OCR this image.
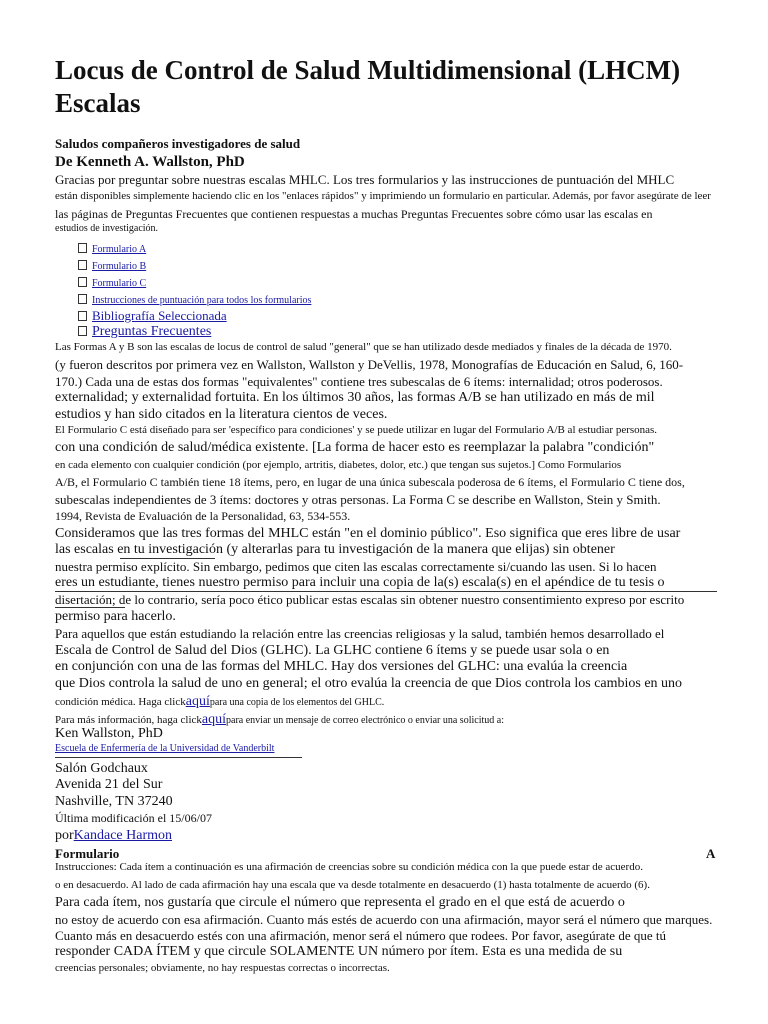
Locus de Control de Salud Multidimensional (LHCM)
Escalas
Saludos compañeros investigadores de salud
De Kenneth A. Wallston, PhD
Gracias por preguntar sobre nuestras escalas MHLC. Los tres formularios y las instrucciones de puntuación del MHLC
están disponibles simplemente haciendo clic en los "enlaces rápidos" y imprimiendo un formulario en particular. Además, por favor asegúrate de leer
las páginas de Preguntas Frecuentes que contienen respuestas a muchas Preguntas Frecuentes sobre cómo usar las escalas en
estudios de investigación.
Formulario A
Formulario B
Formulario C
Instrucciones de puntuación para todos los formularios
Bibliografía Seleccionada
Preguntas Frecuentes
Las Formas A y B son las escalas de locus de control de salud "general" que se han utilizado desde mediados y finales de la década de 1970.
(y fueron descritos por primera vez en Wallston, Wallston y DeVellis, 1978, Monografías de Educación en Salud, 6, 160-
170.) Cada una de estas dos formas "equivalentes" contiene tres subescalas de 6 ítems: internalidad; otros poderosos.
externalidad; y externalidad fortuita. En los últimos 30 años, las formas A/B se han utilizado en más de mil
estudios y han sido citados en la literatura cientos de veces.
El Formulario C está diseñado para ser 'específico para condiciones' y se puede utilizar en lugar del Formulario A/B al estudiar personas.
con una condición de salud/médica existente. [La forma de hacer esto es reemplazar la palabra "condición"
en cada elemento con cualquier condición (por ejemplo, artritis, diabetes, dolor, etc.) que tengan sus sujetos.] Como Formularios
A/B, el Formulario C también tiene 18 ítems, pero, en lugar de una única subescala poderosa de 6 ítems, el Formulario C tiene dos,
subescalas independientes de 3 ítems: doctores y otras personas. La Forma C se describe en Wallston, Stein y Smith.
1994, Revista de Evaluación de la Personalidad, 63, 534-553.
Consideramos que las tres formas del MHLC están "en el dominio público". Eso significa que eres libre de usar
las escalas en tu investigación (y alterarlas para tu investigación de la manera que elijas) sin obtener
nuestra permiso explícito. Sin embargo, pedimos que citen las escalas correctamente si/cuando las usen. Si lo hacen
eres un estudiante, tienes nuestro permiso para incluir una copia de la(s) escala(s) en el apéndice de tu tesis o
disertación; de lo contrario, sería poco ético publicar estas escalas sin obtener nuestro consentimiento expreso por escrito
permiso para hacerlo.
Para aquellos que están estudiando la relación entre las creencias religiosas y la salud, también hemos desarrollado el
Escala de Control de Salud del Dios (GLHC). La GLHC contiene 6 ítems y se puede usar sola o en
en conjunción con una de las formas del MHLC. Hay dos versiones del GLHC: una evalúa la creencia
que Dios controla la salud de uno en general; el otro evalúa la creencia de que Dios controla los cambios en uno
condición médica. Haga clickaquípara una copia de los elementos del GHLC.
Para más información, haga clickaquípara enviar un mensaje de correo electrónico o enviar una solicitud a:
Ken Wallston, PhD
Escuela de Enfermería de la Universidad de Vanderbilt
Salón Godchaux
Avenida 21 del Sur
Nashville, TN 37240
Última modificación el 15/06/07
porKandace Harmon
Formulario	A
Instrucciones: Cada ítem a continuación es una afirmación de creencias sobre su condición médica con la que puede estar de acuerdo.
o en desacuerdo. Al lado de cada afirmación hay una escala que va desde totalmente en desacuerdo (1) hasta totalmente de acuerdo (6).
Para cada ítem, nos gustaría que circule el número que representa el grado en el que está de acuerdo o
no estoy de acuerdo con esa afirmación. Cuanto más estés de acuerdo con una afirmación, mayor será el número que marques.
Cuanto más en desacuerdo estés con una afirmación, menor será el número que rodees. Por favor, asegúrate de que tú
responder CADA ÍTEM y que circule SOLAMENTE UN número por ítem. Esta es una medida de su
creencias personales; obviamente, no hay respuestas correctas o incorrectas.
